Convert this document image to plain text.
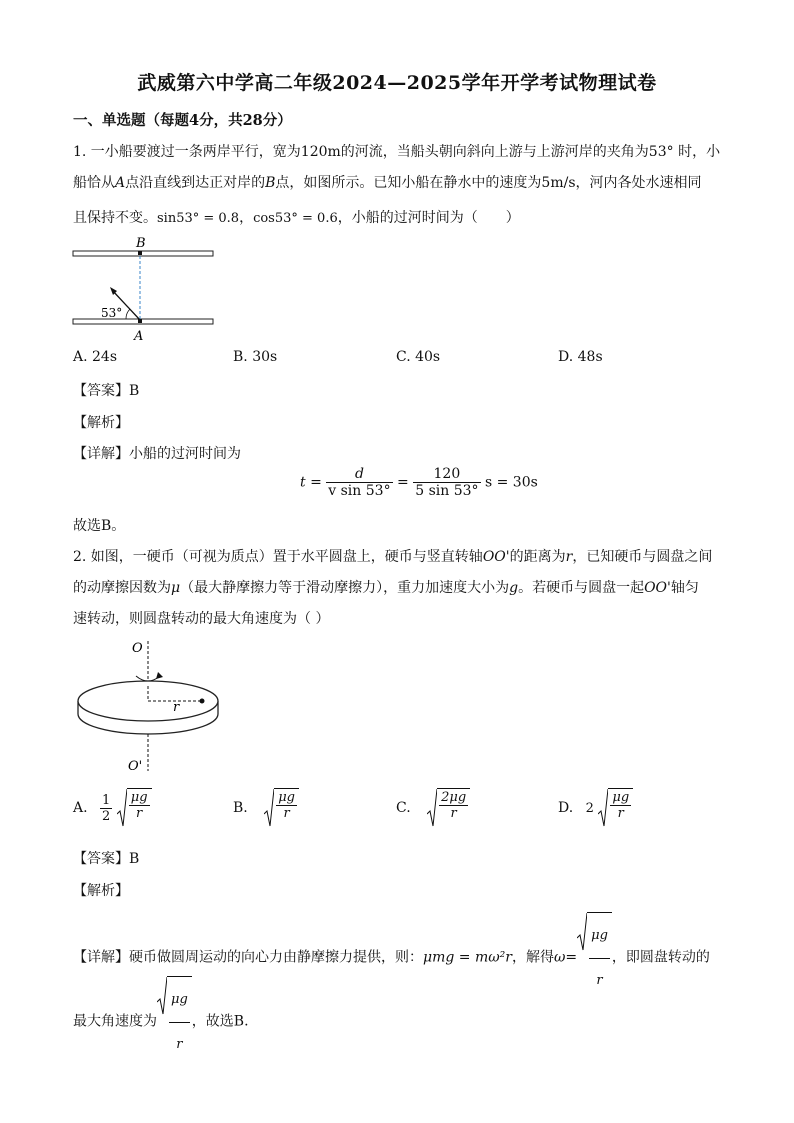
武威第六中学高二年级2024—2025学年开学考试物理试卷
一、单选题（每题4分，共28分）
1. 一小船要渡过一条两岸平行，宽为120m的河流，当船头朝向斜向上游与上游河岸的夹角为53° 时，小
船恰从A点沿直线到达正对岸的B点，如图所示。已知小船在静水中的速度为5m/s，河内各处水速相同
且保持不变。sin53° = 0.8，cos53° = 0.6，小船的过河时间为（　　）
B
A
53°
A. 24s	B. 30s	C. 40s	D. 48s
【答案】B
【解析】
【详解】小船的过河时间为
$t = \frac{d}{\text{v sin 53°}} = \frac{120}{5 \sin 53^\circ}$ s = 30s
故选B。
2. 如图，一硬币（可视为质点）置于水平圆盘上，硬币与竖直转轴OO'的距离为r，已知硬币与圆盘之间
的动摩擦因数为μ（最大静摩擦力等于滑动摩擦力），重力加速度大小为g。若硬币与圆盘一起OO'轴匀
速转动，则圆盘转动的最大角速度为（ ）
O
O'
r
A. $\frac{1}{2}$
$\frac{\mu g}{r}$	B. $\frac{\mu g}{r}$	C. $\frac{2\mu g}{r}$	D. $2 \frac{\mu g}{r}$
【答案】B
【解析】
【详解】硬币做圆周运动的向心力由静摩擦力提供，则：μmg = mω²r，解得$\omega= \frac{\mu g}{r}$ ，即圆盘转动的
最大角速度为 $\frac{\mu g}{r}$ ，故选B.
